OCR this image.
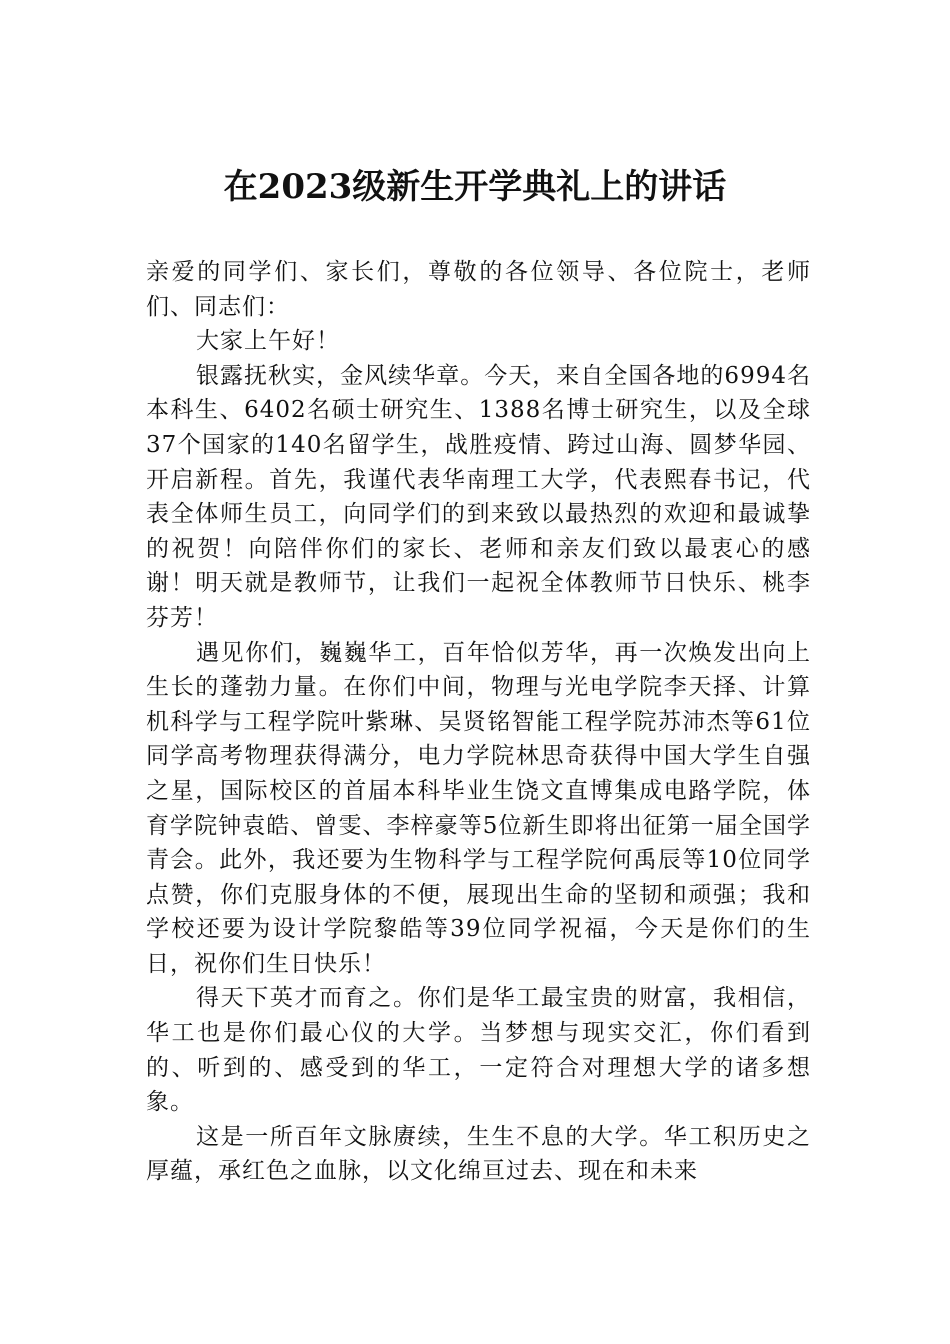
在2023级新生开学典礼上的讲话

亲爱的同学们、家长们，尊敬的各位领导、各位院士，老师们、同志们：

大家上午好！

银露抚秋实，金风续华章。今天，来自全国各地的6994名本科生、6402名硕士研究生、1388名博士研究生，以及全球37个国家的140名留学生，战胜疫情、跨过山海、圆梦华园、开启新程。首先，我谨代表华南理工大学，代表熙春书记，代表全体师生员工，向同学们的到来致以最热烈的欢迎和最诚挚的祝贺！向陪伴你们的家长、老师和亲友们致以最衷心的感谢！明天就是教师节，让我们一起祝全体教师节日快乐、桃李芬芳！

遇见你们，巍巍华工，百年恰似芳华，再一次焕发出向上生长的蓬勃力量。在你们中间，物理与光电学院李天择、计算机科学与工程学院叶紫琳、吴贤铭智能工程学院苏沛杰等61位同学高考物理获得满分，电力学院林思奇获得中国大学生自强之星，国际校区的首届本科毕业生饶文直博集成电路学院，体育学院钟袁皓、曾雯、李梓豪等5位新生即将出征第一届全国学青会。此外，我还要为生物科学与工程学院何禹辰等10位同学点赞，你们克服身体的不便，展现出生命的坚韧和顽强；我和学校还要为设计学院黎皓等39位同学祝福，今天是你们的生日，祝你们生日快乐！

得天下英才而育之。你们是华工最宝贵的财富，我相信，华工也是你们最心仪的大学。当梦想与现实交汇，你们看到的、听到的、感受到的华工，一定符合对理想大学的诸多想象。

这是一所百年文脉赓续，生生不息的大学。华工积历史之厚蕴，承红色之血脉，以文化绵亘过去、现在和未来
